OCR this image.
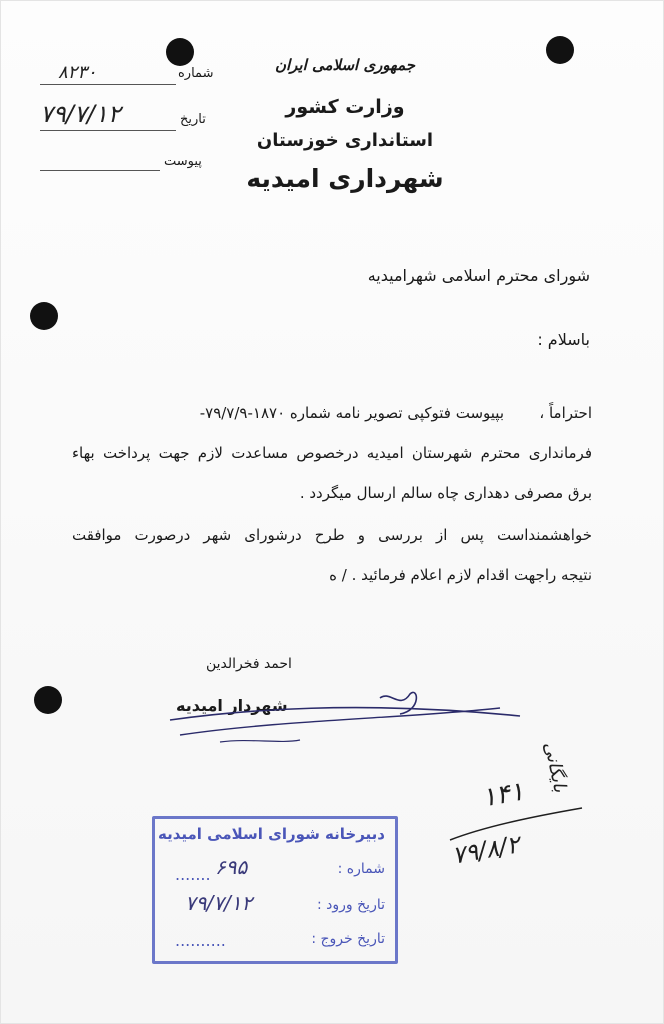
جمهوری اسلامی ایران
وزارت کشور
استانداری خوزستان
شهرداری امیدیه
شماره
۸۲۳۰
تاریخ
۷۹/۷/۱۲
پیوست
شورای محترم اسلامی شهرامیدیه
باسلام :
احتراماً ،
بپیوست فتوکپی تصویر نامه شماره ۱۸۷۰-۷۹/۷/۹-
فرمانداری محترم شهرستان امیدیه درخصوص مساعدت لازم جهت پرداخت بهاء
برق مصرفی دهداری چاه سالم ارسال میگردد .
خواهشمنداست پس از بررسی و طرح درشورای شهر درصورت موافقت
نتیجه راجهت اقدام لازم اعلام فرمائید . / ه
احمد فخرالدین
شهردار امیدیه
دبیرخانه شورای اسلامی امیدیه
شماره :
۶۹۵
.......
تاریخ ورود :
۷۹/۷/۱۲
تاریخ خروج :
..........
۱۴۱
۷۹/۸/۲
بایگانی
